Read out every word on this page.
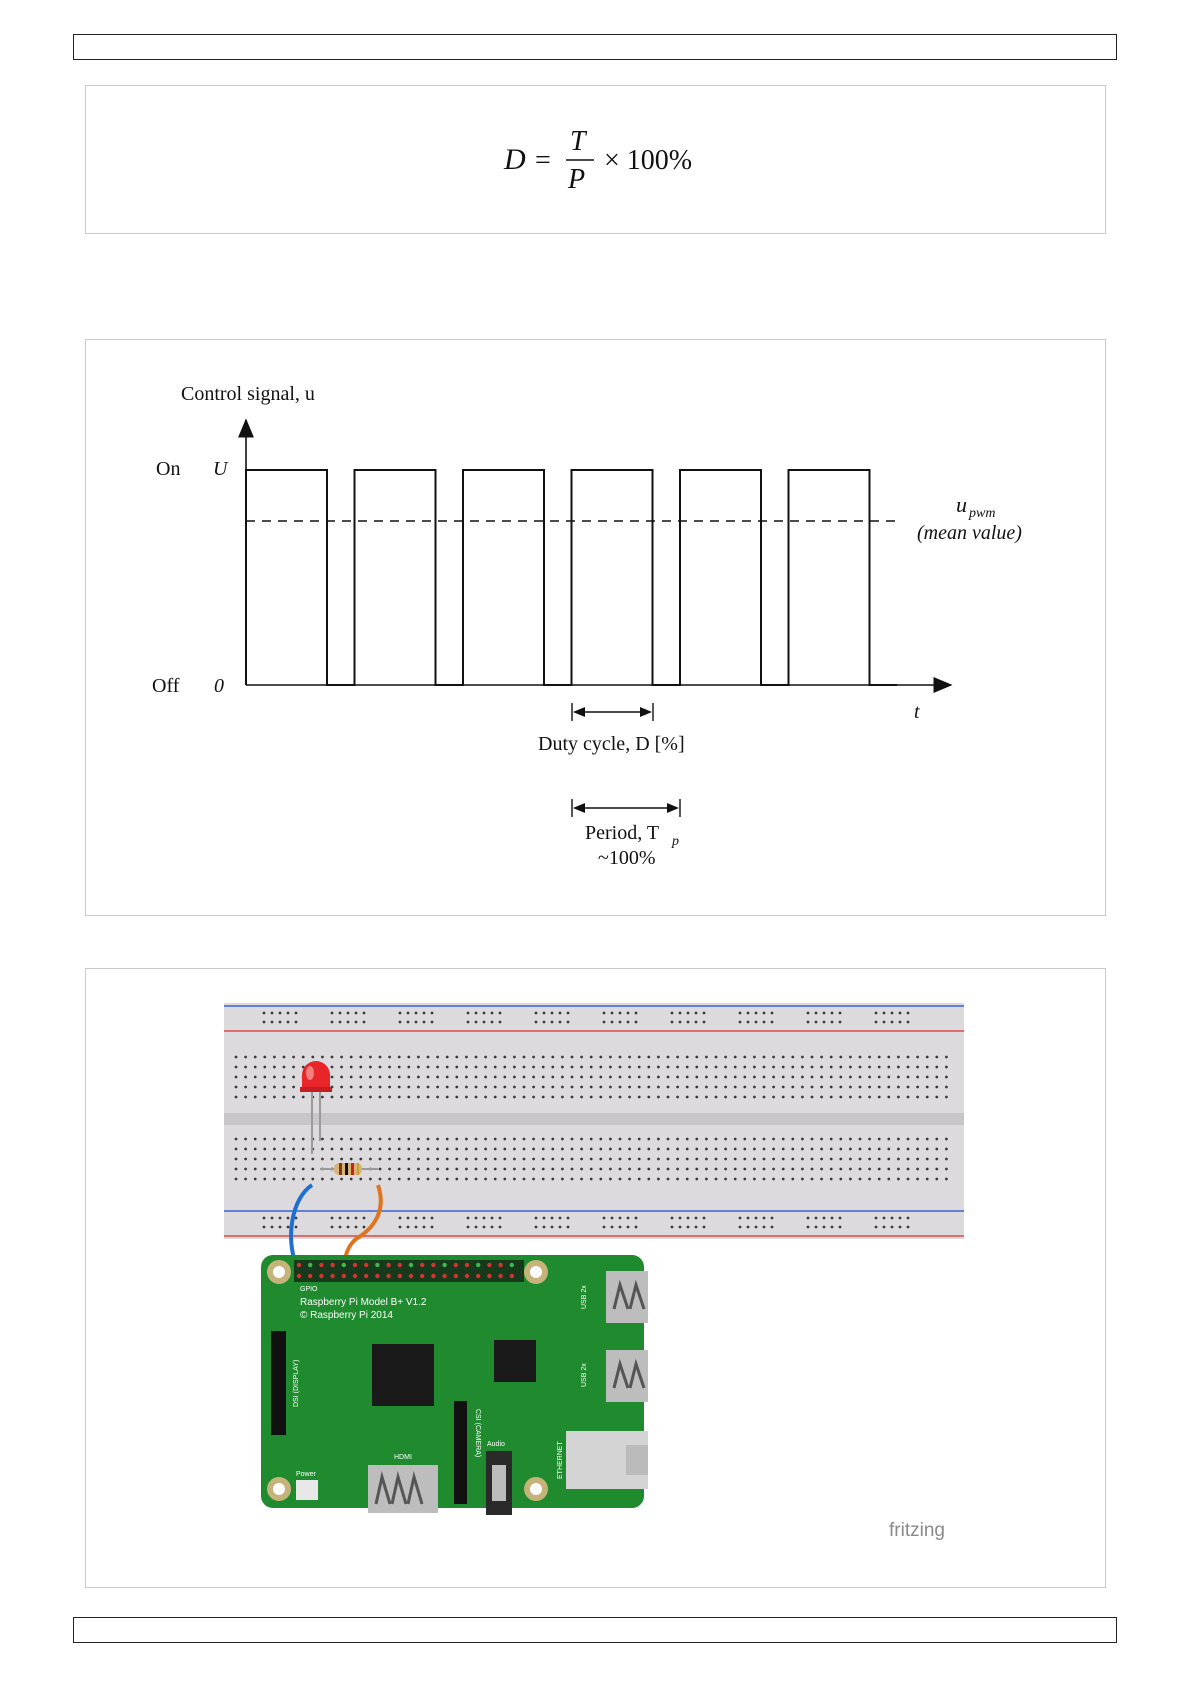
D =
T
P
× 100%
Control signal, u
On U
Off 0
t
u pwm
(mean value)
Duty cycle, D [%]
Period, T p
~100%
GPIO
Raspberry Pi Model B+ V1.2
© Raspberry Pi 2014
DSI (DISPLAY)
CSI (CAMERA)
HDMI
Audio
Power
USB 2x
USB 2x
ETHERNET
fritzing
